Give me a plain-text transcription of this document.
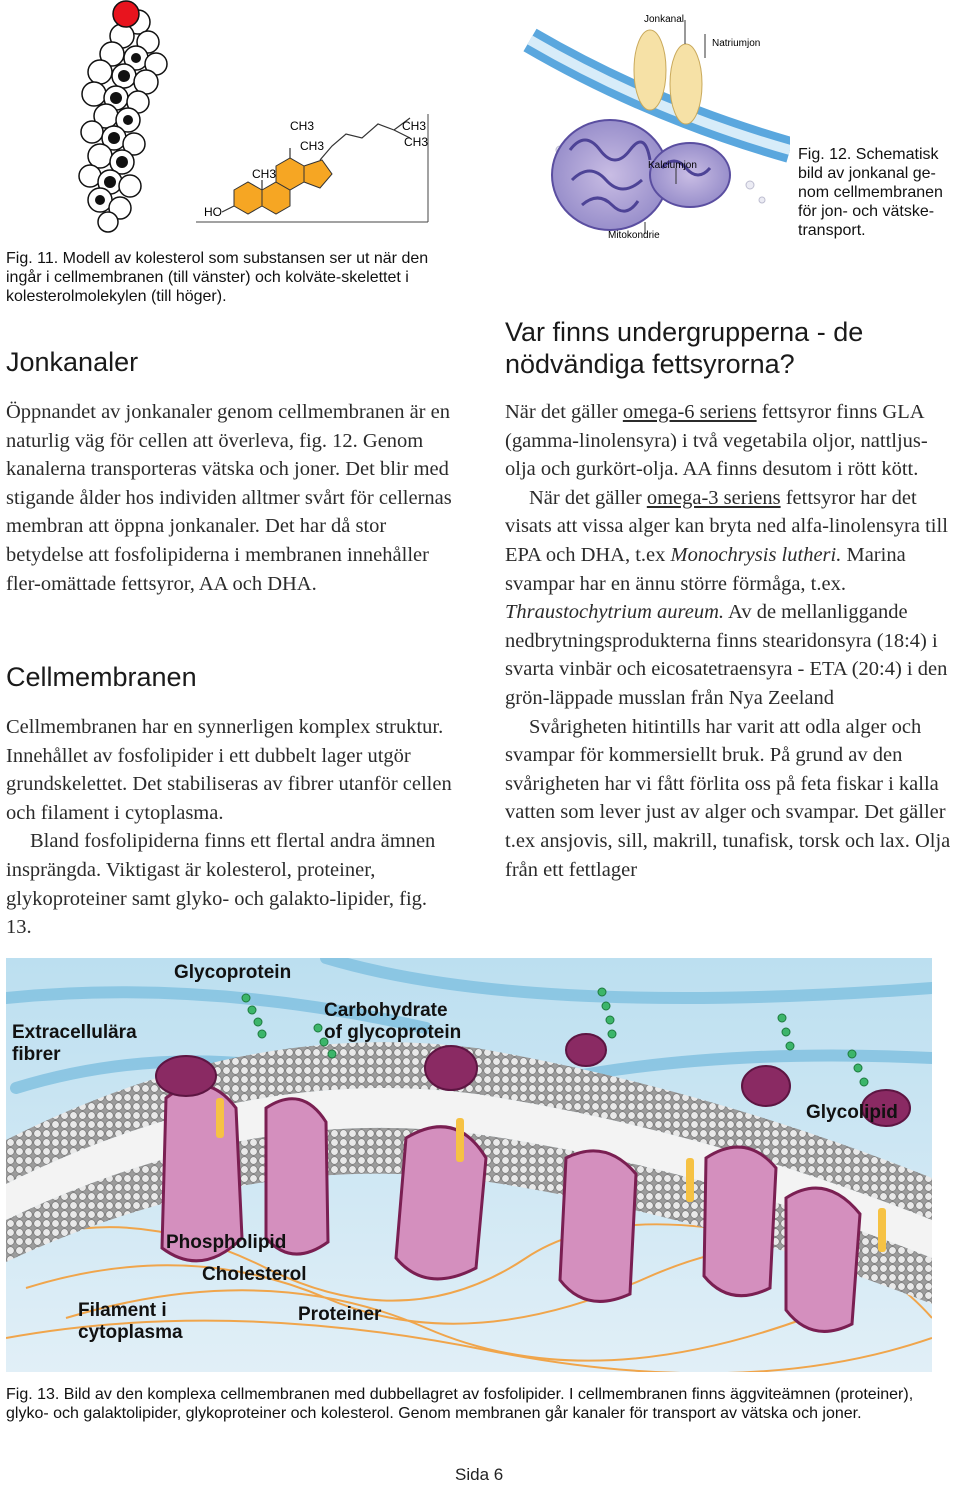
CH3
CH3
CH3
CH3
CH3
HO
Fig. 11. Modell av kolesterol som substansen ser ut när den ingår i cellmembranen (till vänster) och kolväte-skelettet i kolesterolmolekylen (till höger).
Jonkanal
Natriumjon
Kalciumjon
Mitokondrie
Fig. 12. Schematisk
bild av jonkanal ge-
nom cellmembranen
för jon- och vätske-
transport.
Jonkanaler

Öppnandet av jonkanaler genom cellmembranen är en naturlig väg för cellen att överleva, fig. 12. Genom kanalerna transporteras vätska och joner. Det blir med stigande ålder hos individen alltmer svårt för cellernas membran att öppna jonkanaler. Det har då stor betydelse att fosfolipiderna i membranen innehåller fler-omättade fettsyror, AA och DHA.

Cellmembranen

Cellmembranen har en synnerligen komplex struktur. Innehållet av fosfolipider i ett dubbelt lager utgör grundskelettet. Det stabiliseras av fibrer utanför cellen och filament i cytoplasma.

Bland fosfolipiderna finns ett flertal andra ämnen insprängda. Viktigast är kolesterol, proteiner, glykoproteiner samt glyko- och galakto-lipider, fig. 13.

Var finns undergrupperna - de nödvändiga fettsyrorna?

När det gäller omega-6 seriens fettsyror finns GLA (gamma-linolensyra) i två vegetabila oljor, nattljus-olja och gurkört-olja. AA finns desutom i rött kött.

När det gäller omega-3 seriens fettsyror har det visats att vissa alger kan bryta ned alfa-linolensyra till EPA och DHA, t.ex Monochrysis lutheri. Marina svampar har en ännu större förmåga, t.ex. Thraustochytrium aureum. Av de mellanliggande nedbrytningsprodukterna finns stearidonsyra (18:4) i svarta vinbär och eicosatetraensyra - ETA (20:4) i den grön-läppade musslan från Nya Zeeland

Svårigheten hitintills har varit att odla alger och svampar för kommersiellt bruk. På grund av den svårigheten har vi fått förlita oss på feta fiskar i kalla vatten som lever just av alger och svampar. Det gäller t.ex ansjovis, sill, makrill, tunafisk, torsk och lax. Olja från ett fettlager

Glycoprotein
Carbohydrate
of glycoprotein
Extracellulära
fibrer
Glycolipid
Phospholipid
Cholesterol
Filament i
cytoplasma
Proteiner
Fig. 13. Bild av den komplexa cellmembranen med dubbellagret av fosfolipider. I cellmembranen finns äggviteämnen (proteiner), glyko- och galaktolipider, glykoproteiner och kolesterol. Genom membranen går kanaler för transport av vätska och joner.
Sida 6
